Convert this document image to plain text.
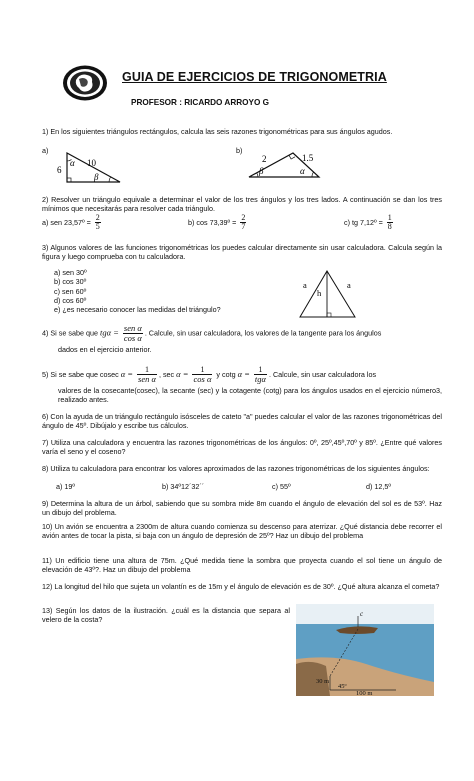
GUIA DE EJERCICIOS DE TRIGONOMETRIA
PROFESOR : RICARDO ARROYO G
1) En los siguientes triángulos rectángulos, calcula las seis razones trigonométricas para sus ángulos agudos.
a)	b)
6
10
α
β
2	1.5
β	α
2) Resolver un triángulo equivale a determinar el valor de los tres ángulos y los tres lados. A continuación se dan los tres mínimos que necesitarás para resolver cada triángulo.
a) sen 23,57º = $\frac{2}{5}$	b) cos 73,39º = $\frac{2}{7}$	c) tg 7,12º = $\frac{1}{8}$
3) Algunos valores de las funciones trigonométricas los puedes calcular directamente sin usar calculadora. Calcula según la figura y luego comprueba con tu calculadora.
a) sen 30º
b) cos 30º
c) sen 60º
d) cos 60º
e) ¿es necesario conocer las medidas del triángulo?
a	a
h
4) Si se sabe que $tg\alpha = \frac{\text{sen α}}{\text{cos α}}$ . Calcule, sin usar calculadora, los valores de la tangente para los ángulos
dados en el ejercicio anterior.
5) Si se sabe que cosec $\alpha = \frac{1}{\text{sen α}}$ , $\sec \alpha = \frac{1}{\text{cos α}}$ y cotg $\alpha = \frac{1}{\text{tgα}}$ . Calcule, sin usar calculadora los
valores de la cosecante(cosec), la secante (sec) y la cotagente (cotg) para los ángulos usados en el ejercicio número3, realizado antes.
6) Con la ayuda de un triángulo rectángulo isósceles de cateto "a" puedes calcular el valor de las razones trigonométricas del ángulo de 45º. Dibújalo y escribe tus cálculos.
7) Utiliza una calculadora y encuentra las razones trigonométricas de los ángulos: 0º, 25º,45º,70º y 85º. ¿Entre qué valores varía el seno y el coseno?
8) Utiliza tu calculadora para encontrar los valores aproximados de las razones trigonométricas de los siguientes ángulos:
a) 19º	b) 34º12´32´´	c) 55º	d) 12,5º
9) Determina la altura de un árbol, sabiendo que su sombra mide 8m cuando el ángulo de elevación del sol es de 53º. Haz un dibujo del problema.
10) Un avión se encuentra a 2300m de altura cuando comienza su descenso para aterrizar. ¿Qué distancia debe recorrer el avión antes de tocar la pista, si baja con un ángulo de depresión de 25º? Haz un dibujo del problema
11) Un edificio tiene una altura de 75m. ¿Qué medida tiene la sombra que proyecta cuando el sol tiene un ángulo de elevación de 43º?. Haz un dibujo del problema
12) La longitud del hilo que sujeta un volantín es de 15m y el ángulo de elevación es de 30º. ¿Qué altura alcanza el cometa?
13) Según los datos de la ilustración. ¿cuál es la distancia que separa al velero de la costa?
c
30 m
45º
100 m
